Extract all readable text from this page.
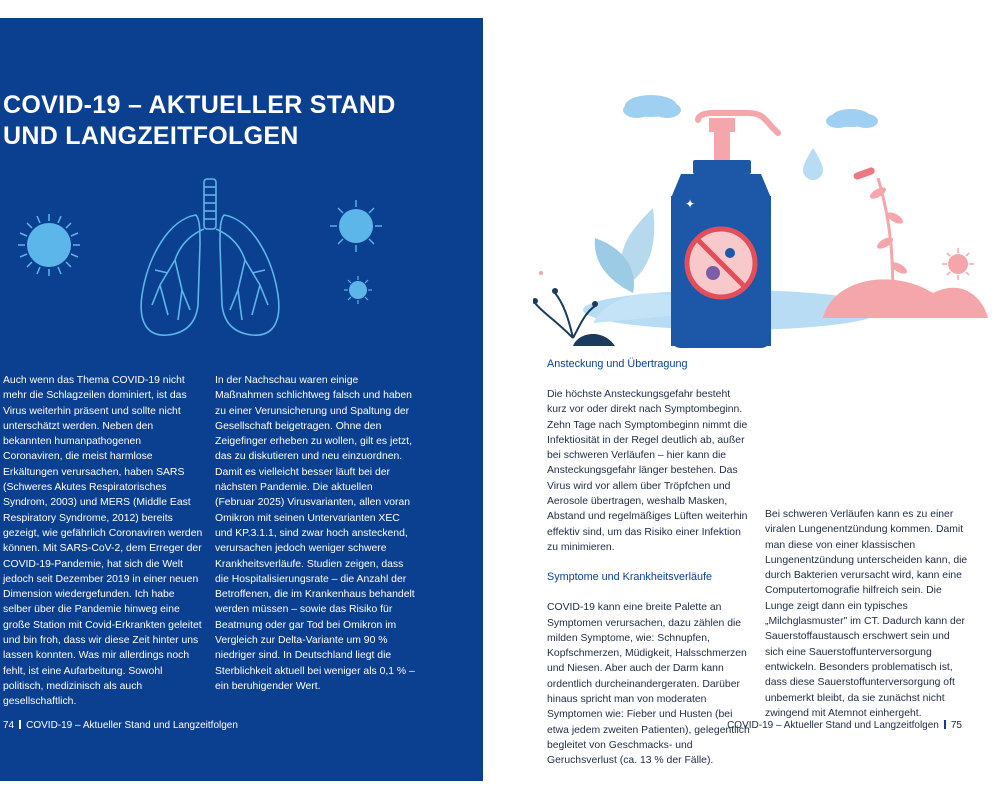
COVID-19 – AKTUELLER STAND
UND LANGZEITFOLGEN
Auch wenn das Thema COVID-19 nicht mehr die Schlagzeilen dominiert, ist das Virus weiterhin präsent und sollte nicht unterschätzt werden. Neben den bekannten humanpathogenen Coronaviren, die meist harmlose Erkältungen verursachen, haben SARS (Schweres Akutes Respiratorisches Syndrom, 2003) und MERS (Middle East Respiratory Syndrome, 2012) bereits gezeigt, wie gefährlich Coronaviren werden können. Mit SARS-CoV-2, dem Erreger der COVID-19-Pandemie, hat sich die Welt jedoch seit Dezember 2019 in einer neuen Dimension wiedergefunden. Ich habe selber über die Pandemie hinweg eine große Station mit Covid-Erkrankten geleitet und bin froh, dass wir diese Zeit hinter uns lassen konnten. Was mir allerdings noch fehlt, ist eine Aufarbeitung. Sowohl politisch, medizinisch als auch gesellschaftlich.
In der Nachschau waren einige Maßnahmen schlichtweg falsch und haben zu einer Verunsicherung und Spaltung der Gesellschaft beigetragen. Ohne den Zeigefinger erheben zu wollen, gilt es jetzt, das zu diskutieren und neu einzuordnen. Damit es vielleicht besser läuft bei der nächsten Pandemie. Die aktuellen (Februar 2025) Virusvarianten, allen voran Omikron mit seinen Untervarianten XEC und KP.3.1.1, sind zwar hoch ansteckend, verursachen jedoch weniger schwere Krankheitsverläufe. Studien zeigen, dass die Hospitalisierungsrate – die Anzahl der Betroffenen, die im Krankenhaus behandelt werden müssen – sowie das Risiko für Beatmung oder gar Tod bei Omikron im Vergleich zur Delta-Variante um 90 % niedriger sind. In Deutschland liegt die Sterblichkeit aktuell bei weniger als 0,1 % – ein beruhigender Wert.
74 COVID-19 – Aktueller Stand und Langzeitfolgen
✦

Ansteckung und Übertragung

Die höchste Ansteckungsgefahr besteht kurz vor oder direkt nach Symptombeginn. Zehn Tage nach Symptombeginn nimmt die Infektiosität in der Regel deutlich ab, außer bei schweren Verläufen – hier kann die Ansteckungsgefahr länger bestehen. Das Virus wird vor allem über Tröpfchen und Aerosole übertragen, weshalb Masken, Abstand und regelmäßiges Lüften weiterhin effektiv sind, um das Risiko einer Infektion zu minimieren.

Symptome und Krankheitsverläufe

COVID-19 kann eine breite Palette an Symptomen verursachen, dazu zählen die milden Symptome, wie: Schnupfen, Kopfschmerzen, Müdigkeit, Halsschmerzen und Niesen. Aber auch der Darm kann ordentlich durcheinandergeraten. Darüber hinaus spricht man von moderaten Symptomen wie: Fieber und Husten (bei etwa jedem zweiten Patienten), gelegentlich begleitet von Geschmacks- und Geruchsverlust (ca. 13 % der Fälle).

Bei schweren Verläufen kann es zu einer viralen Lungenentzündung kommen. Damit man diese von einer klassischen Lungenentzündung unterscheiden kann, die durch Bakterien verursacht wird, kann eine Computertomografie hilfreich sein. Die Lunge zeigt dann ein typisches „Milchglasmuster" im CT. Dadurch kann der Sauerstoffaustausch erschwert sein und sich eine Sauerstoffunterversorgung entwickeln. Besonders problematisch ist, dass diese Sauerstoffunterversorgung oft unbemerkt bleibt, da sie zunächst nicht zwingend mit Atemnot einhergeht.

COVID-19 – Aktueller Stand und Langzeitfolgen 75
